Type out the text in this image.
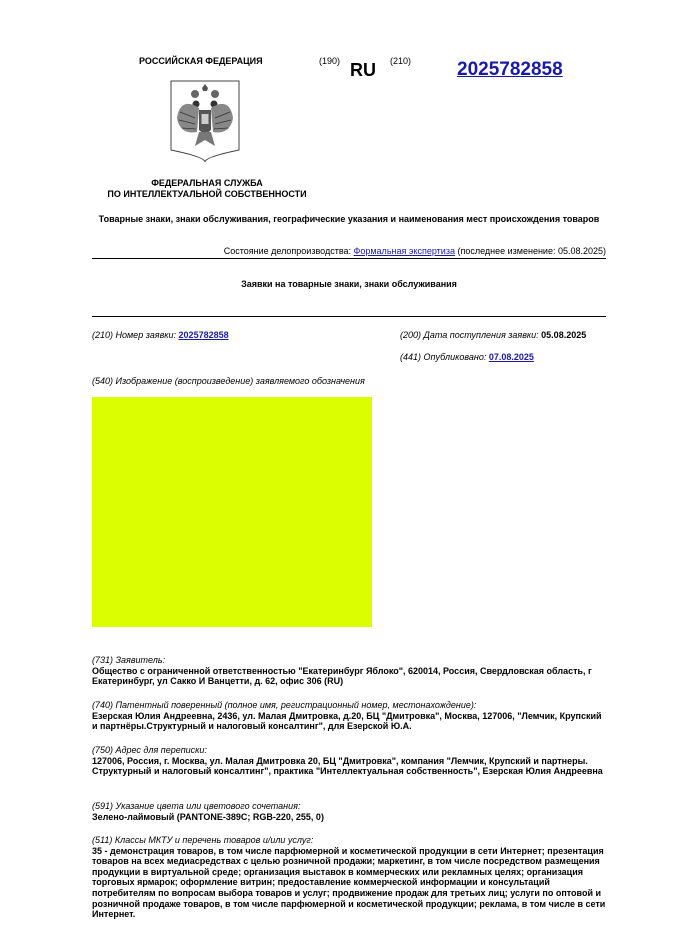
РОССИЙСКАЯ ФЕДЕРАЦИЯ	(190) RU (210) 2025782858
ФЕДЕРАЛЬНАЯ СЛУЖБА
ПО ИНТЕЛЛЕКТУАЛЬНОЙ СОБСТВЕННОСТИ
Товарные знаки, знаки обслуживания, географические указания и наименования мест происхождения товаров
Состояние делопроизводства: Формальная экспертиза (последнее изменение: 05.08.2025)
Заявки на товарные знаки, знаки обслуживания
(210) Номер заявки: 2025782858	(200) Дата поступления заявки: 05.08.2025
(441) Опубликовано: 07.08.2025
(540) Изображение (воспроизведение) заявляемого обозначения
(731) Заявитель:
Общество с ограниченной ответственностью "Екатеринбург Яблоко", 620014, Россия, Свердловская область, г Екатеринбург, ул Сакко И Ванцетти, д. 62, офис 306 (RU)
(740) Патентный поверенный (полное имя, регистрационный номер, местонахождение):
Езерская Юлия Андреевна, 2436, ул. Малая Дмитровка, д.20, БЦ "Дмитровка", Москва, 127006, "Лемчик, Крупский и партнёры.Структурный и налоговый консалтинг", для Езерской Ю.А.
(750) Адрес для переписки:
127006, Россия, г. Москва, ул. Малая Дмитровка 20, БЦ "Дмитровка", компания "Лемчик, Крупский и партнеры. Структурный и налоговый консалтинг", практика "Интеллектуальная собственность", Езерская Юлия Андреевна
(591) Указание цвета или цветового сочетания:
Зелено-лаймовый (PANTONE-389C; RGB-220, 255, 0)
(511) Классы МКТУ и перечень товаров и/или услуг:
35 - демонстрация товаров, в том числе парфюмерной и косметической продукции в сети Интернет; презентация товаров на всех медиасредствах с целью розничной продажи; маркетинг, в том числе посредством размещения продукции в виртуальной среде; организация выставок в коммерческих или рекламных целях; организация торговых ярмарок; оформление витрин; предоставление коммерческой информации и консультаций потребителям по вопросам выбора товаров и услуг; продвижение продаж для третьих лиц; услуги по оптовой и розничной продаже товаров, в том числе парфюмерной и косметической продукции; реклама, в том числе в сети Интернет.
